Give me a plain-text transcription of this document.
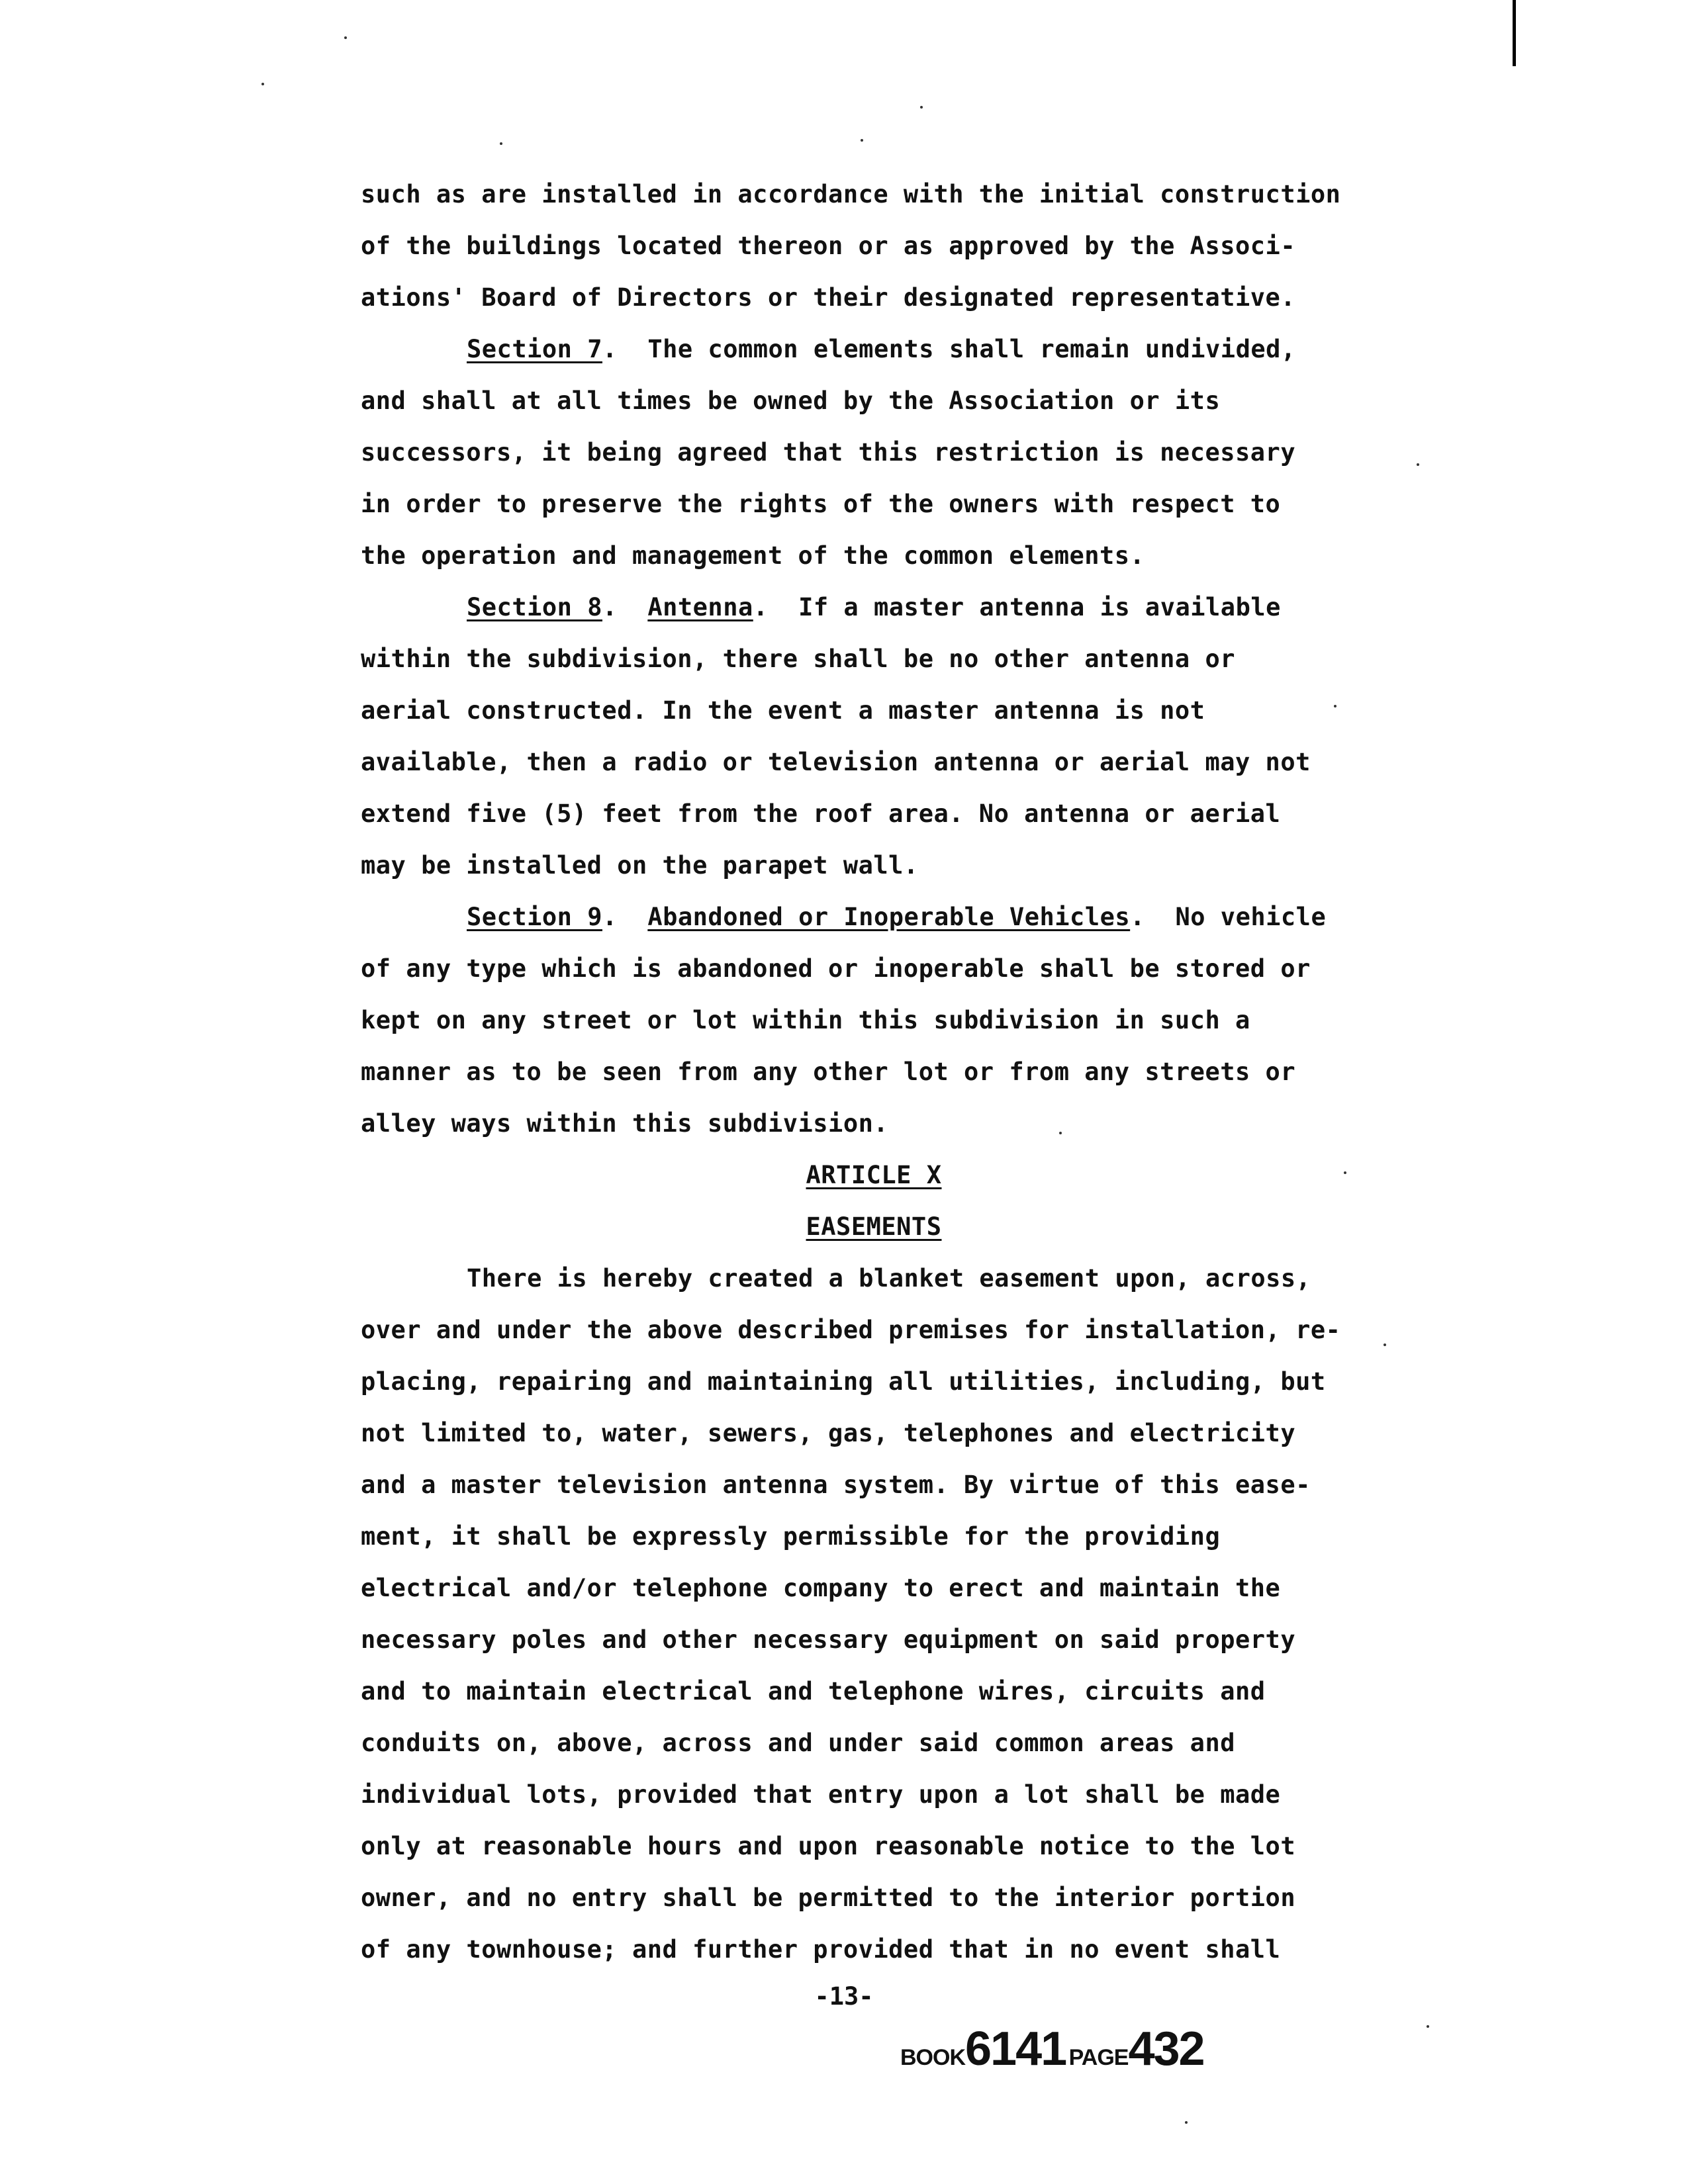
such as are installed in accordance with the initial construction
of the buildings located thereon or as approved by the Associ-
ations' Board of Directors or their designated representative.
Section 7.  The common elements shall remain undivided,
and shall at all times be owned by the Association or its
successors, it being agreed that this restriction is necessary
in order to preserve the rights of the owners with respect to
the operation and management of the common elements.
Section 8.  Antenna.  If a master antenna is available
within the subdivision, there shall be no other antenna or
aerial constructed. In the event a master antenna is not
available, then a radio or television antenna or aerial may not
extend five (5) feet from the roof area. No antenna or aerial
may be installed on the parapet wall.
Section 9.  Abandoned or Inoperable Vehicles.  No vehicle
of any type which is abandoned or inoperable shall be stored or
kept on any street or lot within this subdivision in such a
manner as to be seen from any other lot or from any streets or
alley ways within this subdivision.
ARTICLE X
EASEMENTS
There is hereby created a blanket easement upon, across,
over and under the above described premises for installation, re-
placing, repairing and maintaining all utilities, including, but
not limited to, water, sewers, gas, telephones and electricity
and a master television antenna system. By virtue of this ease-
ment, it shall be expressly permissible for the providing
electrical and/or telephone company to erect and maintain the
necessary poles and other necessary equipment on said property
and to maintain electrical and telephone wires, circuits and
conduits on, above, across and under said common areas and
individual lots, provided that entry upon a lot shall be made
only at reasonable hours and upon reasonable notice to the lot
owner, and no entry shall be permitted to the interior portion
of any townhouse; and further provided that in no event shall
-13-
BOOK6141 PAGE432
